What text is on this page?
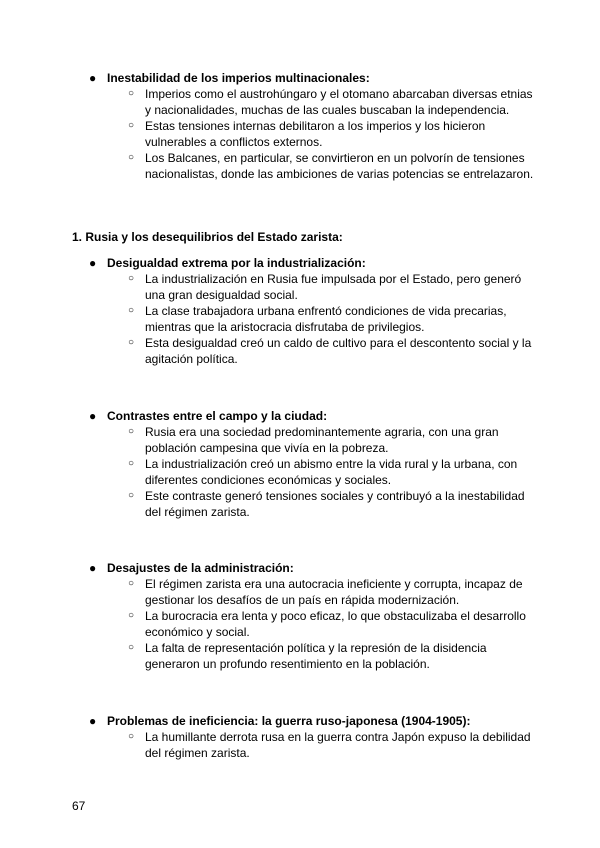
● Inestabilidad de los imperios multinacionales:
○ Imperios como el austrohúngaro y el otomano abarcaban diversas etnias y nacionalidades, muchas de las cuales buscaban la independencia.
○ Estas tensiones internas debilitaron a los imperios y los hicieron vulnerables a conflictos externos.
○ Los Balcanes, en particular, se convirtieron en un polvorín de tensiones nacionalistas, donde las ambiciones de varias potencias se entrelazaron.
1. Rusia y los desequilibrios del Estado zarista:
● Desigualdad extrema por la industrialización:
○ La industrialización en Rusia fue impulsada por el Estado, pero generó una gran desigualdad social.
○ La clase trabajadora urbana enfrentó condiciones de vida precarias, mientras que la aristocracia disfrutaba de privilegios.
○ Esta desigualdad creó un caldo de cultivo para el descontento social y la agitación política.
● Contrastes entre el campo y la ciudad:
○ Rusia era una sociedad predominantemente agraria, con una gran población campesina que vivía en la pobreza.
○ La industrialización creó un abismo entre la vida rural y la urbana, con diferentes condiciones económicas y sociales.
○ Este contraste generó tensiones sociales y contribuyó a la inestabilidad del régimen zarista.
● Desajustes de la administración:
○ El régimen zarista era una autocracia ineficiente y corrupta, incapaz de gestionar los desafíos de un país en rápida modernización.
○ La burocracia era lenta y poco eficaz, lo que obstaculizaba el desarrollo económico y social.
○ La falta de representación política y la represión de la disidencia generaron un profundo resentimiento en la población.
● Problemas de ineficiencia: la guerra ruso-japonesa (1904-1905):
○ La humillante derrota rusa en la guerra contra Japón expuso la debilidad del régimen zarista.
67
